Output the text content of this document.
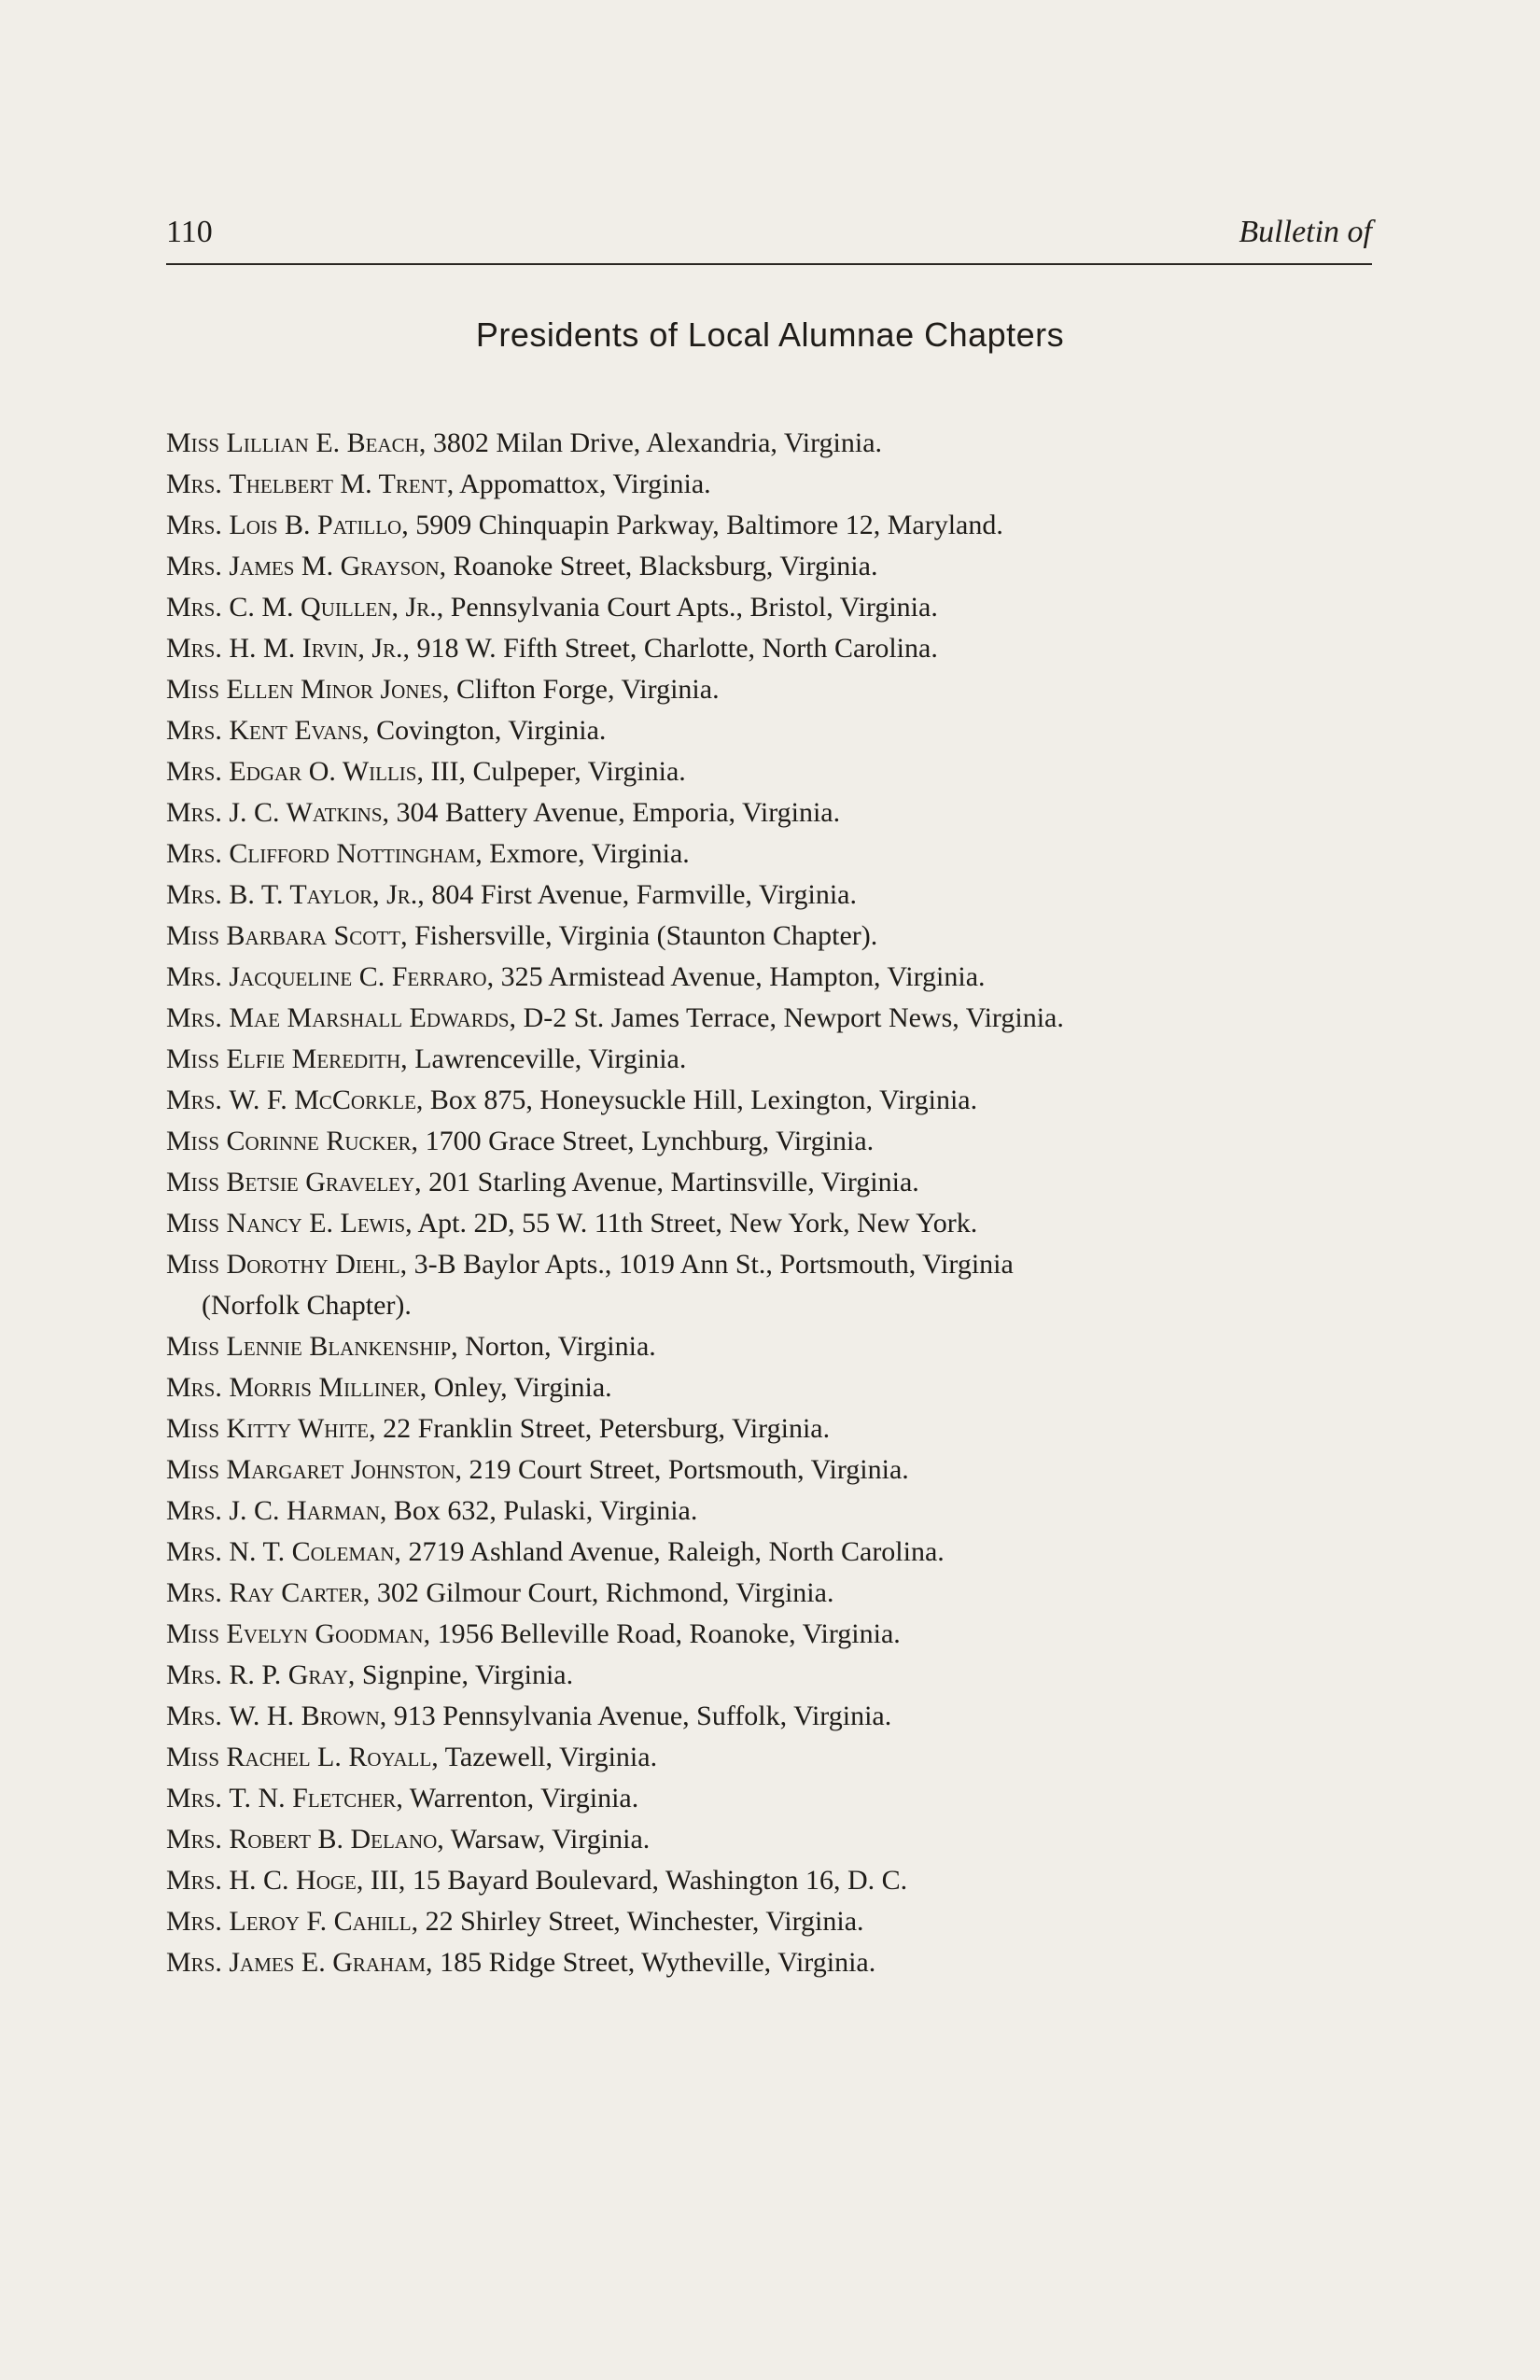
110	Bulletin of
Presidents of Local Alumnae Chapters
Miss Lillian E. Beach, 3802 Milan Drive, Alexandria, Virginia.
Mrs. Thelbert M. Trent, Appomattox, Virginia.
Mrs. Lois B. Patillo, 5909 Chinquapin Parkway, Baltimore 12, Maryland.
Mrs. James M. Grayson, Roanoke Street, Blacksburg, Virginia.
Mrs. C. M. Quillen, Jr., Pennsylvania Court Apts., Bristol, Virginia.
Mrs. H. M. Irvin, Jr., 918 W. Fifth Street, Charlotte, North Carolina.
Miss Ellen Minor Jones, Clifton Forge, Virginia.
Mrs. Kent Evans, Covington, Virginia.
Mrs. Edgar O. Willis, III, Culpeper, Virginia.
Mrs. J. C. Watkins, 304 Battery Avenue, Emporia, Virginia.
Mrs. Clifford Nottingham, Exmore, Virginia.
Mrs. B. T. Taylor, Jr., 804 First Avenue, Farmville, Virginia.
Miss Barbara Scott, Fishersville, Virginia (Staunton Chapter).
Mrs. Jacqueline C. Ferraro, 325 Armistead Avenue, Hampton, Virginia.
Mrs. Mae Marshall Edwards, D-2 St. James Terrace, Newport News, Virginia.
Miss Elfie Meredith, Lawrenceville, Virginia.
Mrs. W. F. McCorkle, Box 875, Honeysuckle Hill, Lexington, Virginia.
Miss Corinne Rucker, 1700 Grace Street, Lynchburg, Virginia.
Miss Betsie Graveley, 201 Starling Avenue, Martinsville, Virginia.
Miss Nancy E. Lewis, Apt. 2D, 55 W. 11th Street, New York, New York.
Miss Dorothy Diehl, 3-B Baylor Apts., 1019 Ann St., Portsmouth, Virginia
(Norfolk Chapter).
Miss Lennie Blankenship, Norton, Virginia.
Mrs. Morris Milliner, Onley, Virginia.
Miss Kitty White, 22 Franklin Street, Petersburg, Virginia.
Miss Margaret Johnston, 219 Court Street, Portsmouth, Virginia.
Mrs. J. C. Harman, Box 632, Pulaski, Virginia.
Mrs. N. T. Coleman, 2719 Ashland Avenue, Raleigh, North Carolina.
Mrs. Ray Carter, 302 Gilmour Court, Richmond, Virginia.
Miss Evelyn Goodman, 1956 Belleville Road, Roanoke, Virginia.
Mrs. R. P. Gray, Signpine, Virginia.
Mrs. W. H. Brown, 913 Pennsylvania Avenue, Suffolk, Virginia.
Miss Rachel L. Royall, Tazewell, Virginia.
Mrs. T. N. Fletcher, Warrenton, Virginia.
Mrs. Robert B. Delano, Warsaw, Virginia.
Mrs. H. C. Hoge, III, 15 Bayard Boulevard, Washington 16, D. C.
Mrs. Leroy F. Cahill, 22 Shirley Street, Winchester, Virginia.
Mrs. James E. Graham, 185 Ridge Street, Wytheville, Virginia.
